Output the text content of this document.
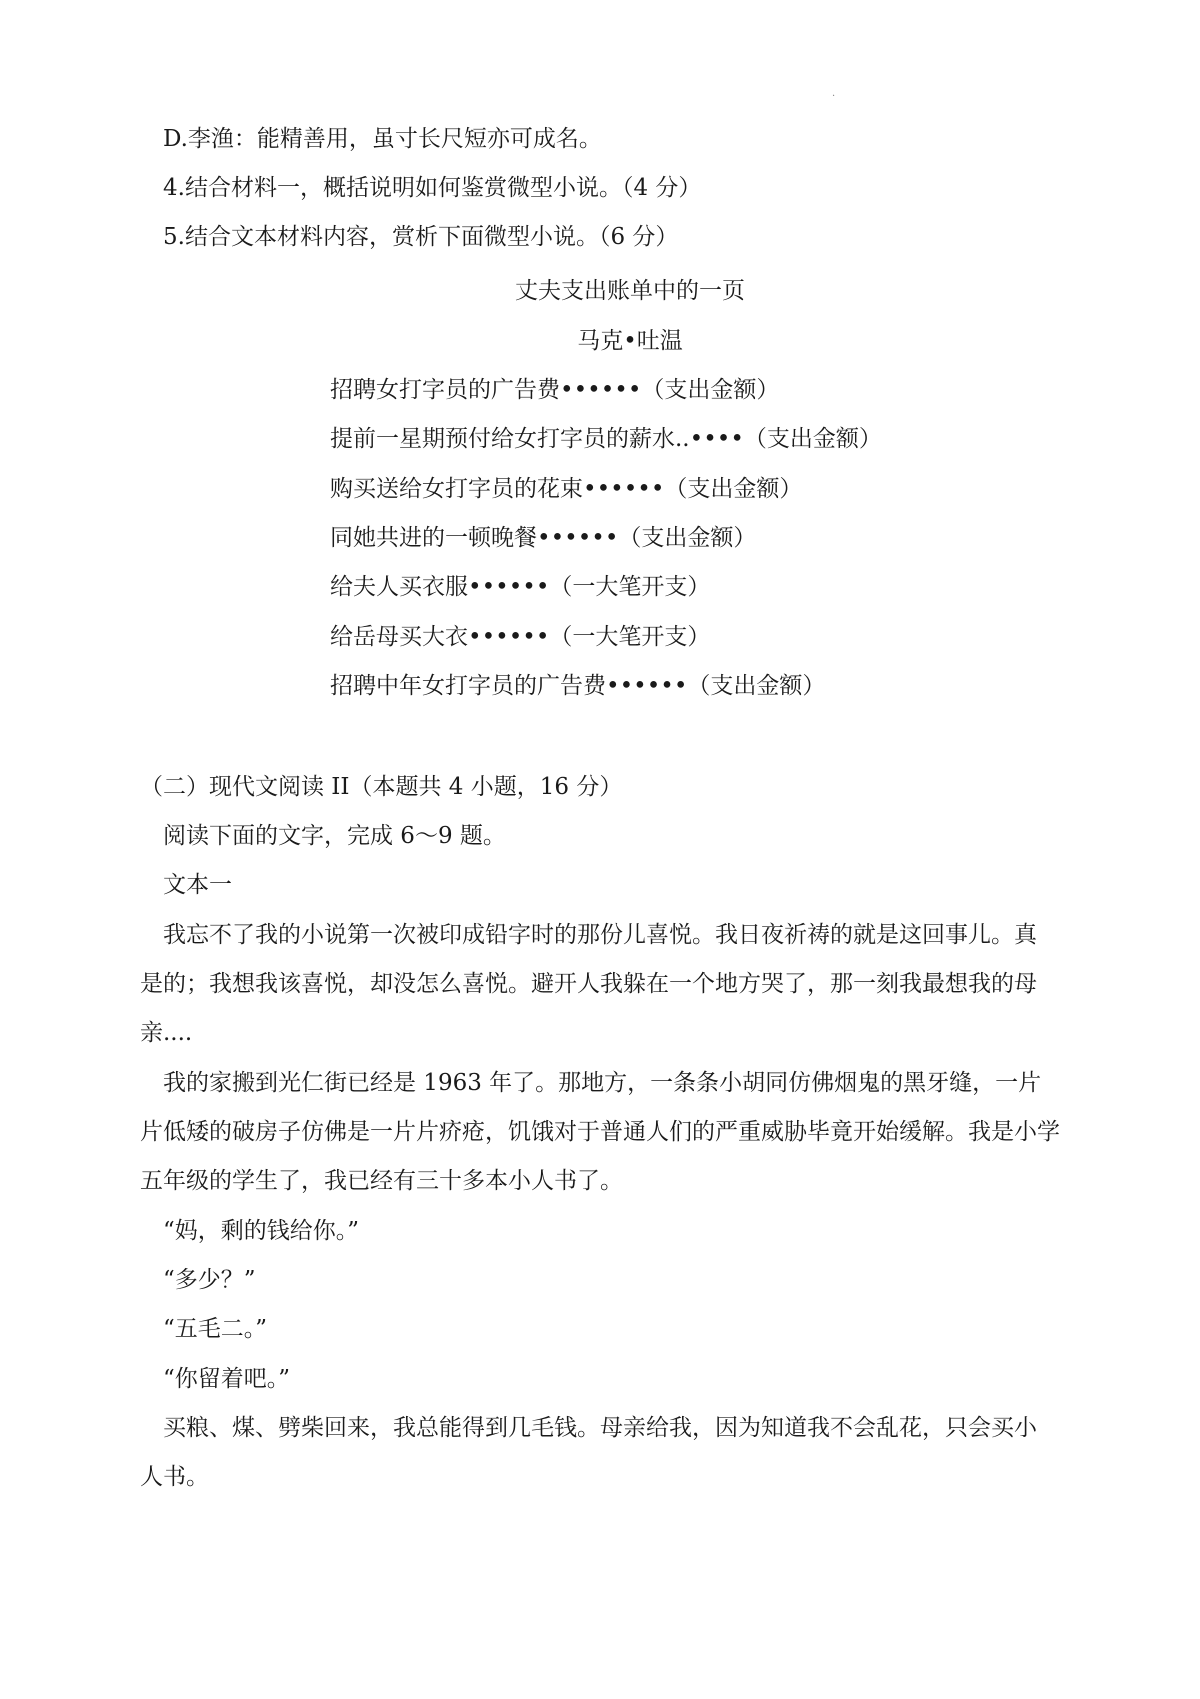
·
D.李渔：能精善用，虽寸长尺短亦可成名。
4.结合材料一，概括说明如何鉴赏微型小说。（4 分）
5.结合文本材料内容，赏析下面微型小说。（6 分）
丈夫支出账单中的一页
马克•吐温
招聘女打字员的广告费••••••（支出金额）
提前一星期预付给女打字员的薪水..••••（支出金额）
购买送给女打字员的花束••••••（支出金额）
同她共进的一顿晚餐••••••（支出金额）
给夫人买衣服••••••（一大笔开支）
给岳母买大衣••••••（一大笔开支）
招聘中年女打字员的广告费••••••（支出金额）
（二）现代文阅读 II（本题共 4 小题，16 分）
阅读下面的文字，完成 6～9 题。
文本一
我忘不了我的小说第一次被印成铅字时的那份儿喜悦。我日夜祈祷的就是这回事儿。真
是的；我想我该喜悦，却没怎么喜悦。避开人我躲在一个地方哭了，那一刻我最想我的母
亲....
我的家搬到光仁街已经是 1963 年了。那地方，一条条小胡同仿佛烟鬼的黑牙缝，一片
片低矮的破房子仿佛是一片片疥疮，饥饿对于普通人们的严重威胁毕竟开始缓解。我是小学
五年级的学生了，我已经有三十多本小人书了。
“妈，剩的钱给你。”
“多少？”
“五毛二。”
“你留着吧。”
买粮、煤、劈柴回来，我总能得到几毛钱。母亲给我，因为知道我不会乱花，只会买小
人书。
